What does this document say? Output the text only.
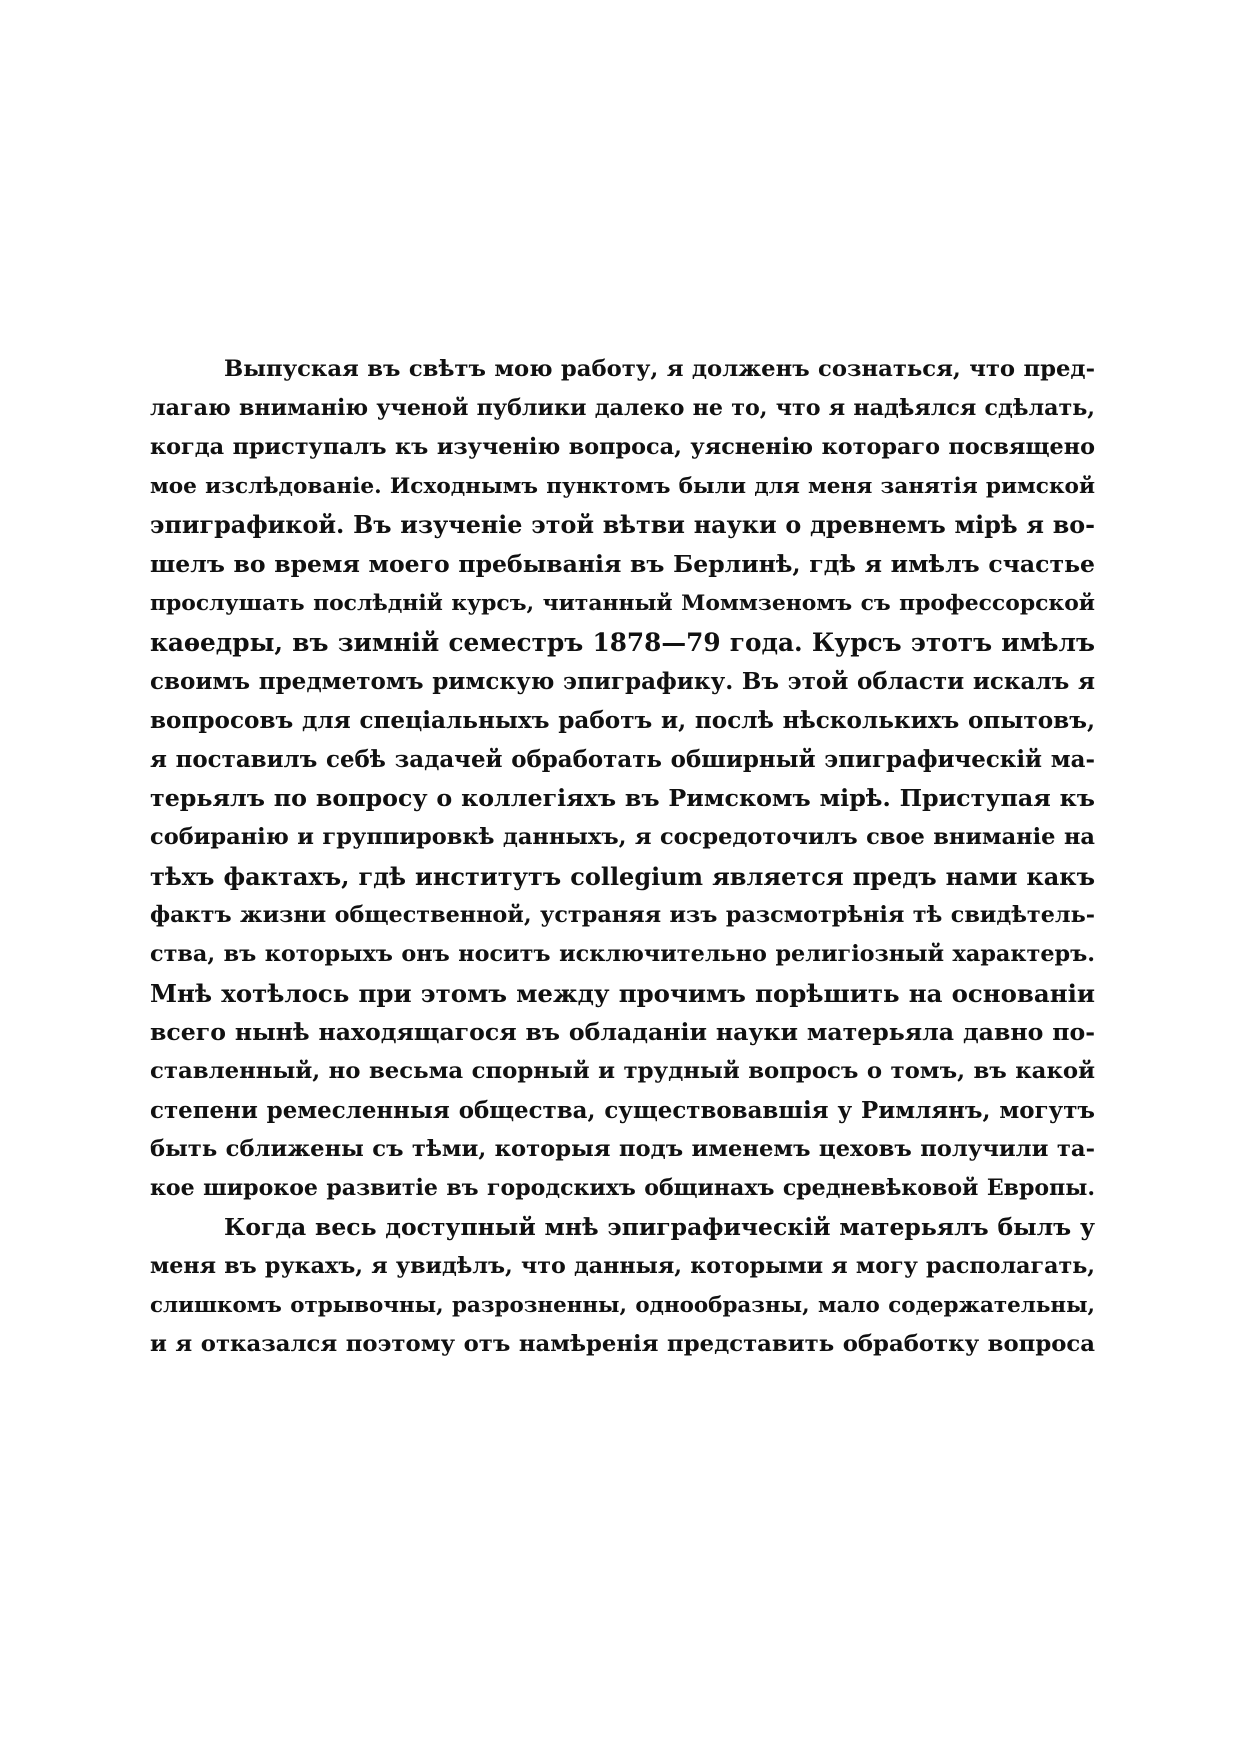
Выпуская въ свѣтъ мою работу, я долженъ сознаться, что пред-
лагаю вниманію ученой публики далеко не то, что я надѣялся сдѣлать,
когда приступалъ къ изученію вопроса, уясненію котораго посвящено
мое изслѣдованіе. Исходнымъ пунктомъ были для меня занятія римской
эпиграфикой. Въ изученіе этой вѣтви науки о древнемъ мірѣ я во-
шелъ во время моего пребыванія въ Берлинѣ, гдѣ я имѣлъ счастье
прослушать послѣдній курсъ, читанный Моммзеномъ съ профессорской
каѳедры, въ зимній семестръ 1878—79 года. Курсъ этотъ имѣлъ
своимъ предметомъ римскую эпиграфику. Въ этой области искалъ я
вопросовъ для спеціальныхъ работъ и, послѣ нѣсколькихъ опытовъ,
я поставилъ себѣ задачей обработать обширный эпиграфическій ма-
терьялъ по вопросу о коллегіяхъ въ Римскомъ мірѣ. Приступая къ
собиранію и группировкѣ данныхъ, я сосредоточилъ свое вниманіе на
тѣхъ фактахъ, гдѣ институтъ collegium является предъ нами какъ
фактъ жизни общественной, устраняя изъ разсмотрѣнія тѣ свидѣтель-
ства, въ которыхъ онъ носитъ исключительно религіозный характеръ.
Мнѣ хотѣлось при этомъ между прочимъ порѣшить на основаніи
всего нынѣ находящагося въ обладаніи науки матерьяла давно по-
ставленный, но весьма спорный и трудный вопросъ о томъ, въ какой
степени ремесленныя общества, существовавшія у Римлянъ, могутъ
быть сближены съ тѣми, которыя подъ именемъ цеховъ получили та-
кое широкое развитіе въ городскихъ общинахъ средневѣковой Европы.
Когда весь доступный мнѣ эпиграфическій матерьялъ былъ у
меня въ рукахъ, я увидѣлъ, что данныя, которыми я могу располагать,
слишкомъ отрывочны, разрозненны, однообразны, мало содержательны,
и я отказался поэтому отъ намѣренія представить обработку вопроса
